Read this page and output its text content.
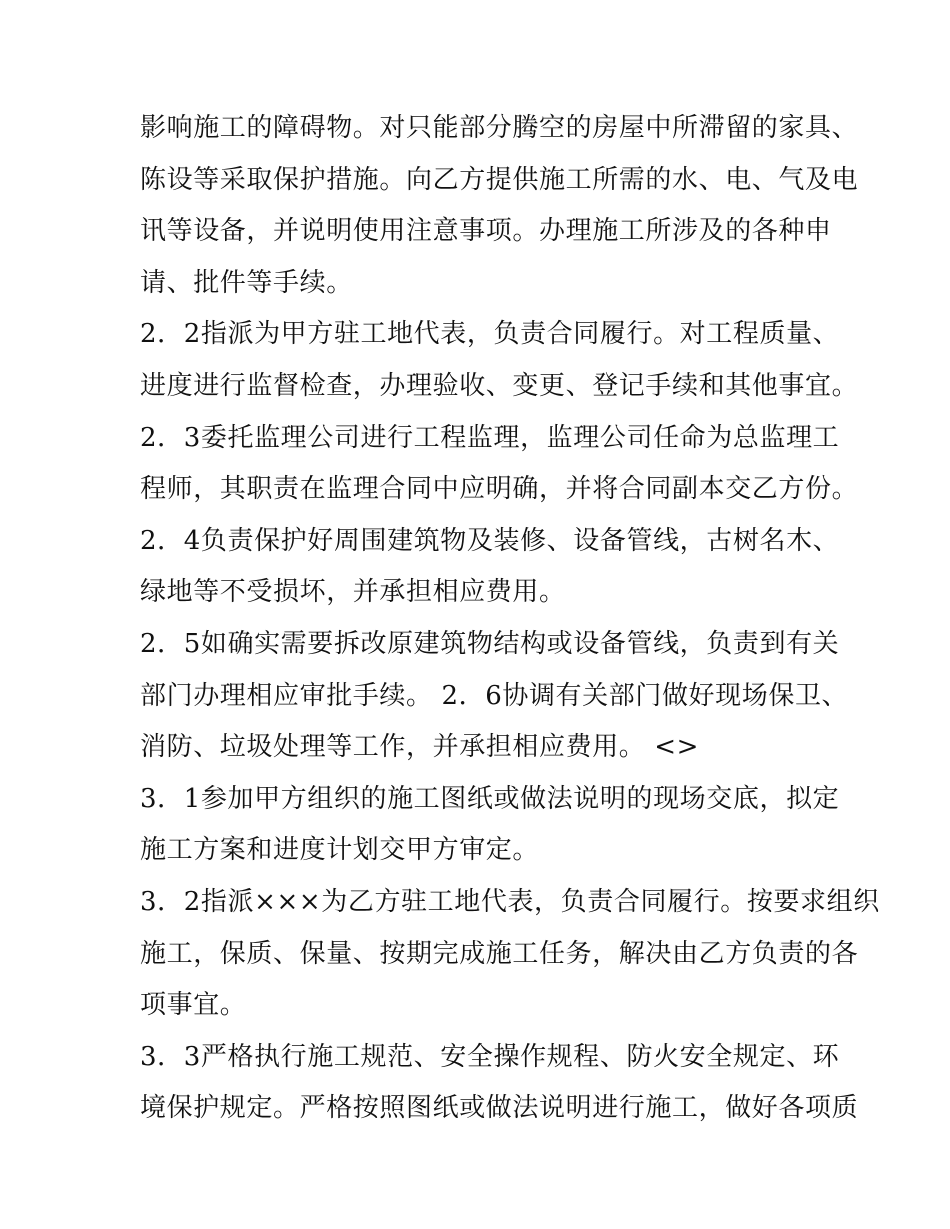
影响施工的障碍物。对只能部分腾空的房屋中所滞留的家具、
陈设等采取保护措施。向乙方提供施工所需的水、电、气及电
讯等设备，并说明使用注意事项。办理施工所涉及的各种申
请、批件等手续。
2．2指派为甲方驻工地代表，负责合同履行。对工程质量、
进度进行监督检查，办理验收、变更、登记手续和其他事宜。
2．3委托监理公司进行工程监理，监理公司任命为总监理工
程师，其职责在监理合同中应明确，并将合同副本交乙方份。
2．4负责保护好周围建筑物及装修、设备管线，古树名木、
绿地等不受损坏，并承担相应费用。
2．5如确实需要拆改原建筑物结构或设备管线，负责到有关
部门办理相应审批手续。 2．6协调有关部门做好现场保卫、
消防、垃圾处理等工作，并承担相应费用。 <>
3．1参加甲方组织的施工图纸或做法说明的现场交底，拟定
施工方案和进度计划交甲方审定。
3．2指派×××为乙方驻工地代表，负责合同履行。按要求组织
施工，保质、保量、按期完成施工任务，解决由乙方负责的各
项事宜。
3．3严格执行施工规范、安全操作规程、防火安全规定、环
境保护规定。严格按照图纸或做法说明进行施工，做好各项质
